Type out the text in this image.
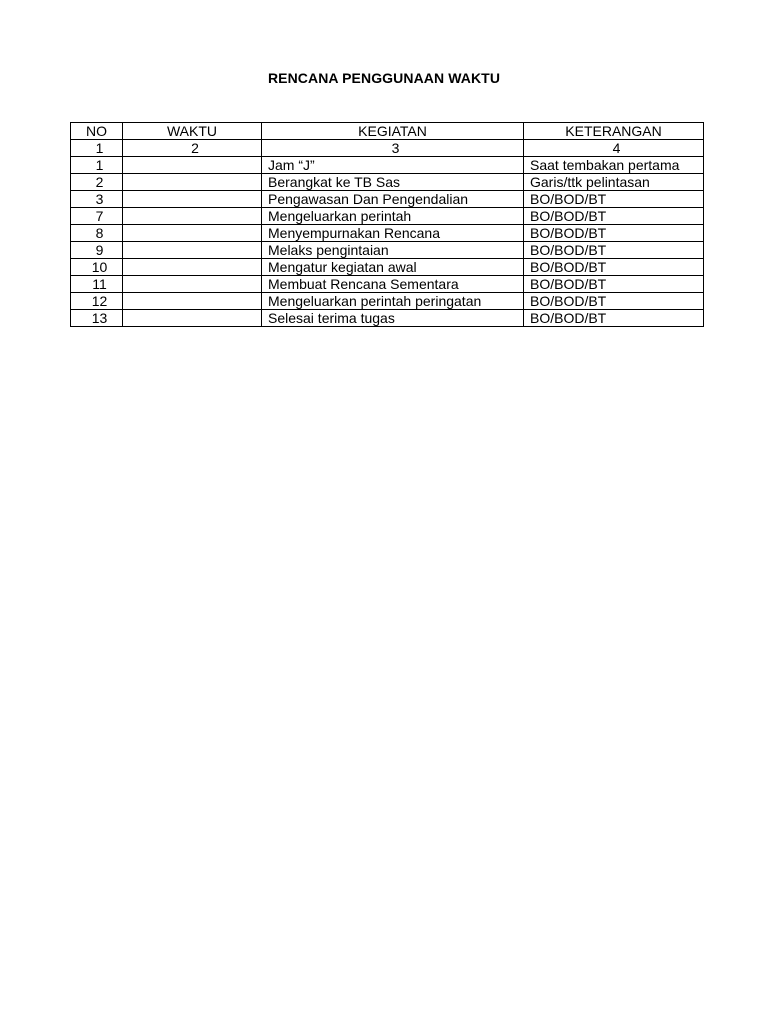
RENCANA PENGGUNAAN WAKTU
NO	WAKTU	KEGIATAN	KETERANGAN
1	2	3	4
1		Jam “J”	Saat tembakan pertama
2		Berangkat ke TB Sas	Garis/ttk pelintasan
3		Pengawasan Dan Pengendalian	BO/BOD/BT
7		Mengeluarkan perintah	BO/BOD/BT
8		Menyempurnakan Rencana	BO/BOD/BT
9		Melaks pengintaian	BO/BOD/BT
10		Mengatur kegiatan awal	BO/BOD/BT
11		Membuat Rencana Sementara	BO/BOD/BT
12		Mengeluarkan perintah peringatan	BO/BOD/BT
13		Selesai terima tugas	BO/BOD/BT
